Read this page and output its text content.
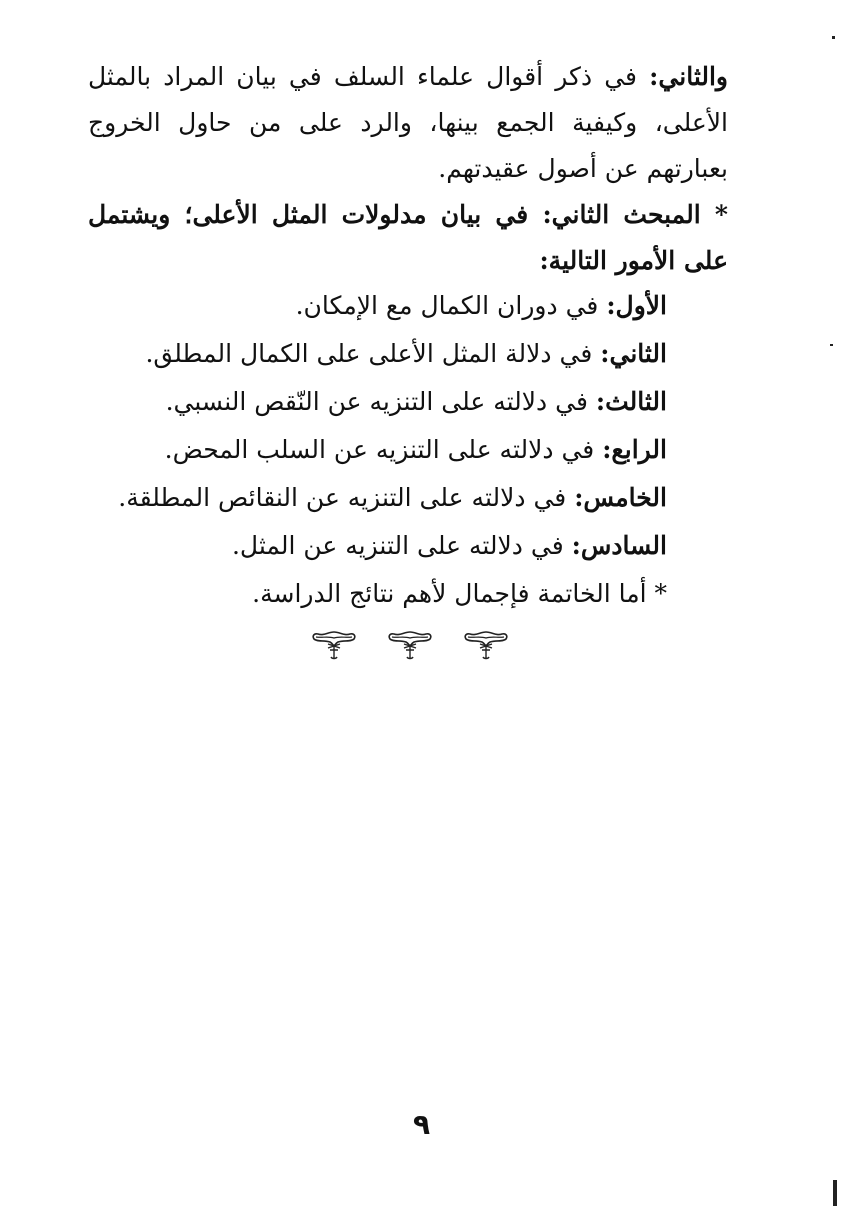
والثاني: في ذكر أقوال علماء السلف في بيان المراد بالمثل الأعلى، وكيفية الجمع بينها، والرد على من حاول الخروج بعبارتهم عن أصول عقيدتهم.
* المبحث الثاني: في بيان مدلولات المثل الأعلى؛ ويشتمل على الأمور التالية:
الأول: في دوران الكمال مع الإمكان.
الثاني: في دلالة المثل الأعلى على الكمال المطلق.
الثالث: في دلالته على التنزيه عن النّقص النسبي.
الرابع: في دلالته على التنزيه عن السلب المحض.
الخامس: في دلالته على التنزيه عن النقائص المطلقة.
السادس: في دلالته على التنزيه عن المثل.
* أما الخاتمة فإجمال لأهم نتائج الدراسة.
٩
